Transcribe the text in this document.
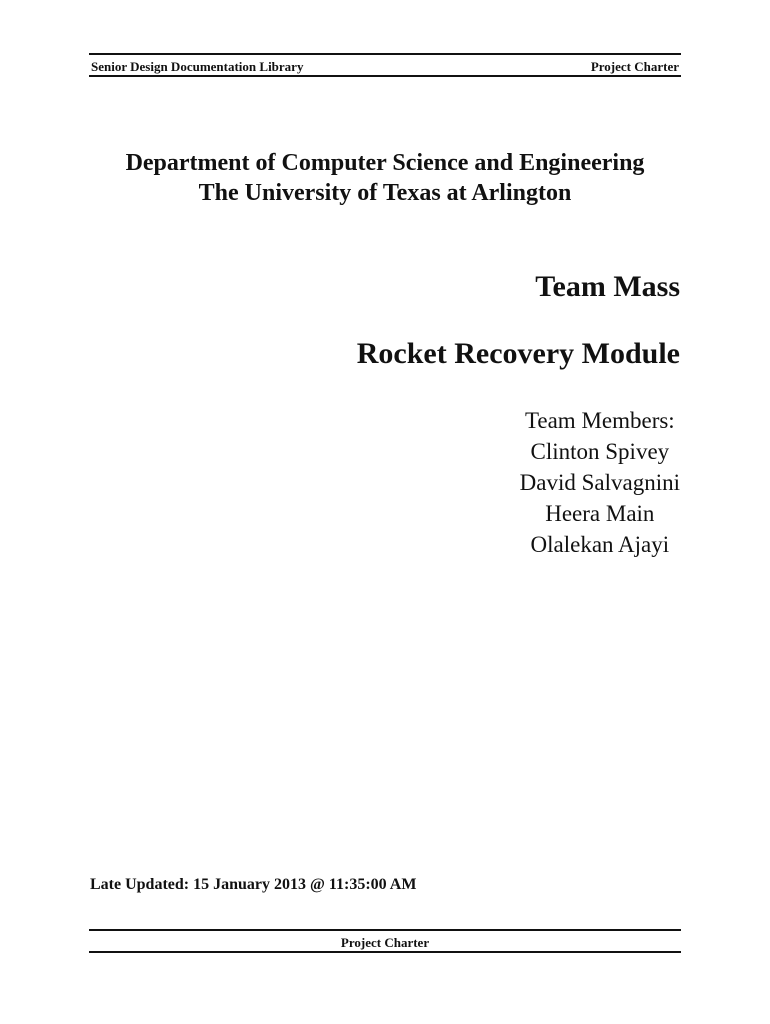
Senior Design Documentation Library	Project Charter
Department of Computer Science and Engineering
The University of Texas at Arlington
Team Mass
Rocket Recovery Module
Team Members:
Clinton Spivey
David Salvagnini
Heera Main
Olalekan Ajayi
Late Updated: 15 January 2013 @ 11:35:00 AM
Project Charter
